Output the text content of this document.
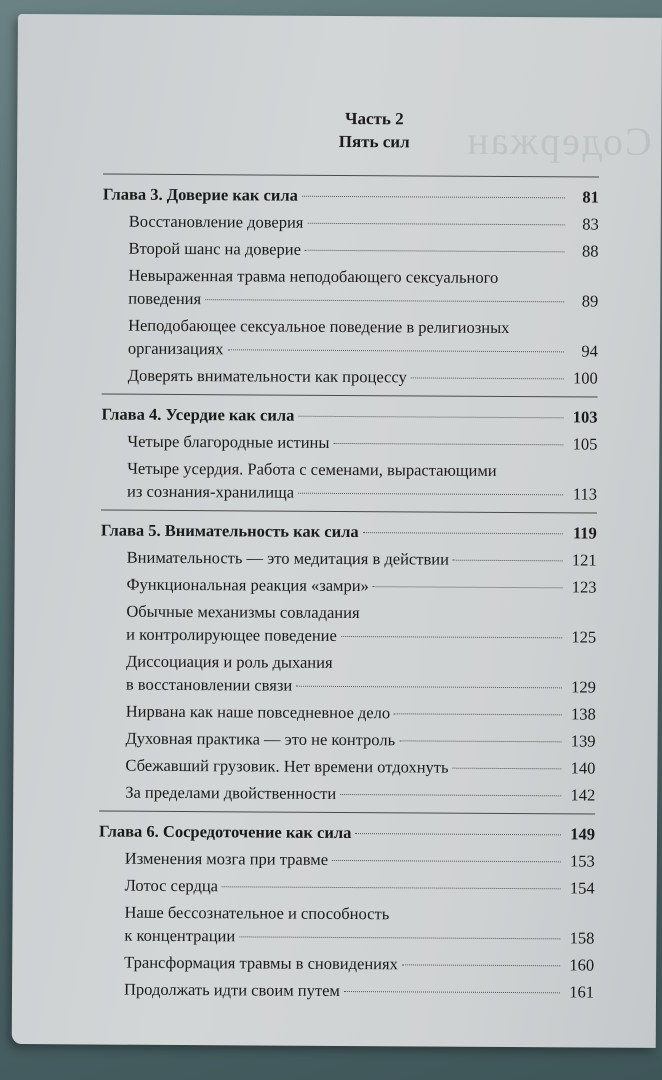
Содержан
Часть 2
Пять сил
Глава 3. Доверие как сила	81
Восстановление доверия	83
Второй шанс на доверие	88
Невыраженная травма неподобающего сексуального
поведения	89
Неподобающее сексуальное поведение в религиозных
организациях	94
Доверять внимательности как процессу	100
Глава 4. Усердие как сила	103
Четыре благородные истины	105
Четыре усердия. Работа с семенами, вырастающими
из сознания-хранилища	113
Глава 5. Внимательность как сила	119
Внимательность — это медитация в действии	121
Функциональная реакция «замри»	123
Обычные механизмы совладания
и контролирующее поведение	125
Диссоциация и роль дыхания
в восстановлении связи	129
Нирвана как наше повседневное дело	138
Духовная практика — это не контроль	139
Сбежавший грузовик. Нет времени отдохнуть	140
За пределами двойственности	142
Глава 6. Сосредоточение как сила	149
Изменения мозга при травме	153
Лотос сердца	154
Наше бессознательное и способность
к концентрации	158
Трансформация травмы в сновидениях	160
Продолжать идти своим путем	161
